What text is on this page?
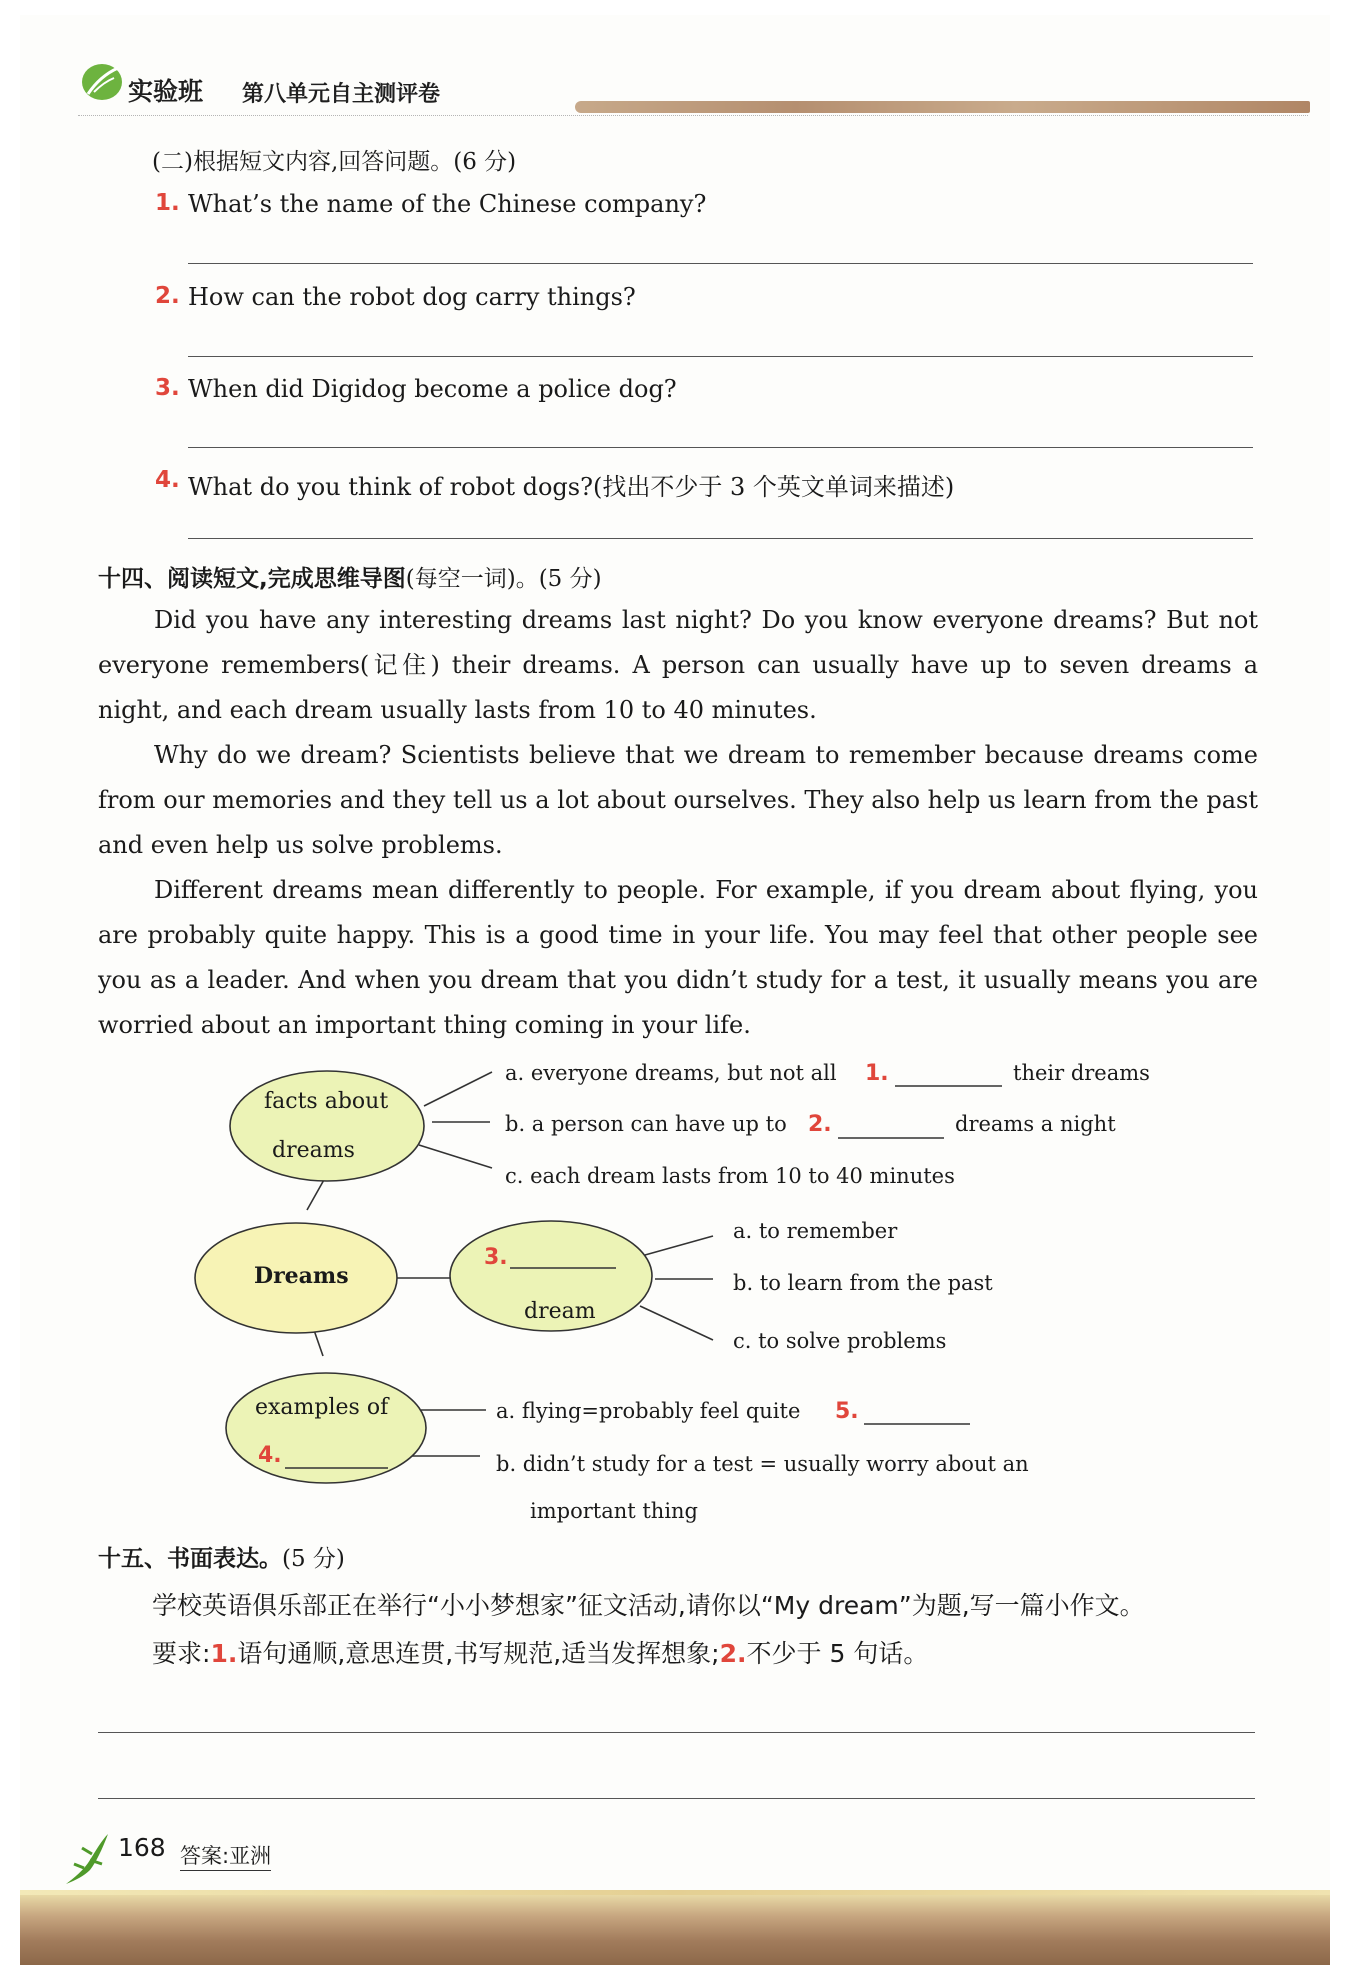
实验班 第八单元自主测评卷
(二)根据短文内容,回答问题。(6 分)
1. What’s the name of the Chinese company?
2. How can the robot dog carry things?
3. When did Digidog become a police dog?
4. What do you think of robot dogs?(找出不少于 3 个英文单词来描述)
十四、阅读短文,完成思维导图(每空一词)。(5 分)

Did you have any interesting dreams last night? Do you know everyone dreams? But not everyone remembers(记住) their dreams. A person can usually have up to seven dreams a night, and each dream usually lasts from 10 to 40 minutes.

Why do we dream? Scientists believe that we dream to remember because dreams come from our memories and they tell us a lot about ourselves. They also help us learn from the past and even help us solve problems.

Different dreams mean differently to people. For example, if you dream about flying, you are probably quite happy. This is a good time in your life. You may feel that other people see you as a leader. And when you dream that you didn’t study for a test, it usually means you are worried about an important thing coming in your life.

facts about
dreams
Dreams
3.
dream
examples of
4.
a. everyone dreams, but not all 1.	their dreams
b. a person can have up to 2.	dreams a night
c. each dream lasts from 10 to 40 minutes
a. to remember
b. to learn from the past
c. to solve problems
a. flying=probably feel quite 5.
b. didn’t study for a test = usually worry about an
important thing
十五、书面表达。(5 分)
学校英语俱乐部正在举行“小小梦想家”征文活动,请你以“My dream”为题,写一篇小作文。
要求:1.语句通顺,意思连贯,书写规范,适当发挥想象;2.不少于 5 句话。
168 答案:亚洲
